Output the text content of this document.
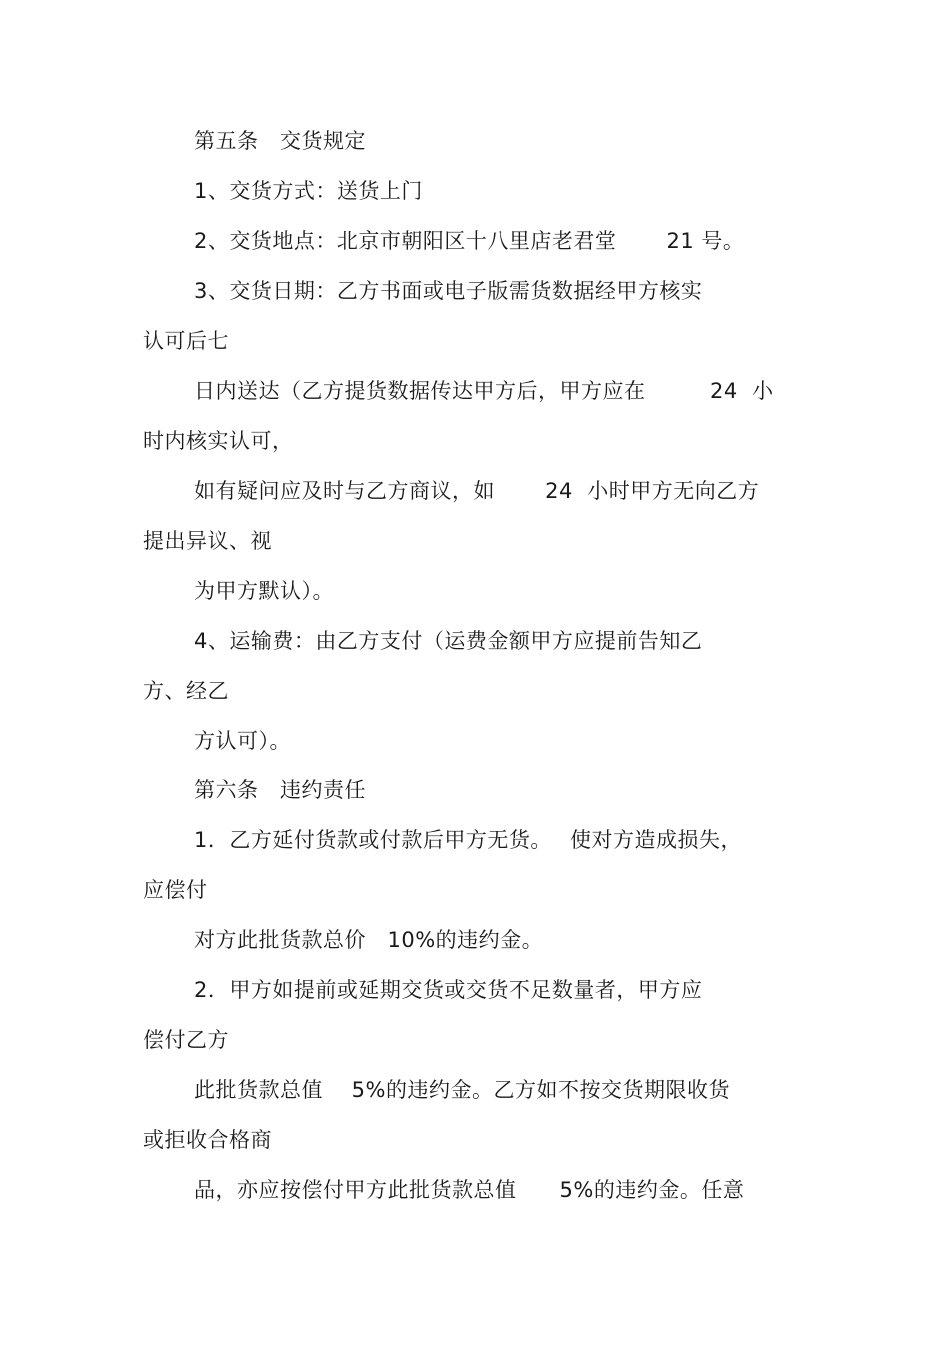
第五条　交货规定
1、交货方式：送货上门
2、交货地点：北京市朝阳区十八里店老君堂　　 21 号。
3、交货日期：乙方书面或电子版需货数据经甲方核实
认可后七
日内送达（乙方提货数据传达甲方后，甲方应在　　　24  小
时内核实认可，
如有疑问应及时与乙方商议，如　　 24  小时甲方无向乙方
提出异议、视
为甲方默认）。
4、运输费：由乙方支付（运费金额甲方应提前告知乙
方、经乙
方认可）。
第六条　违约责任
1．乙方延付货款或付款后甲方无货。　 使对方造成损失，
应偿付
对方此批货款总价　10%的违约金。
2．甲方如提前或延期交货或交货不足数量者，甲方应
偿付乙方
此批货款总值　 5%的违约金。乙方如不按交货期限收货
或拒收合格商
品，亦应按偿付甲方此批货款总值　　5%的违约金。任意
